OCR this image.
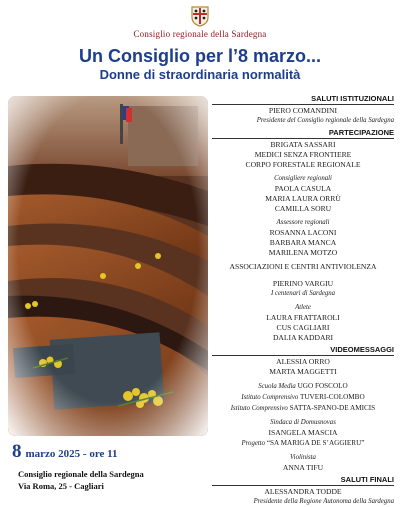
Consiglio regionale della Sardegna
Un Consiglio per l’8 marzo...
Donne di straordinaria normalità
SALUTI ISTITUZIONALI
PIERO COMANDINI
Presidente del Consiglio regionale della Sardegna
PARTECIPAZIONE
BRIGATA SASSARI
MEDICI SENZA FRONTIERE
CORPO FORESTALE REGIONALE
Consigliere regionali
PAOLA CASULA
MARIA LAURA ORRÙ
CAMILLA SORU
Assessore regionali
ROSANNA LACONI
BARBARA MANCA
MARILENA MOTZO
ASSOCIAZIONI E CENTRI ANTIVIOLENZA
PIERINO VARGIU
I centenari di Sardegna
Atlete
LAURA FRATTAROLI
CUS CAGLIARI
DALIA KADDARI
VIDEOMESSAGGI
ALESSIA ORRO
MARTA MAGGETTI
Scuola Media UGO FOSCOLO
Istituto Comprensivo TUVERI-COLOMBO
Istituto Comprensivo SATTA-SPANO-DE AMICIS
Sindaca di Domusnovas
ISANGELA MASCIA
Progetto “SA MARIGA DE S’AGGIERU”
Violinista
ANNA TIFU
SALUTI FINALI
ALESSANDRA TODDE
Presidente della Regione Autonoma della Sardegna
8 marzo 2025 - ore 11
Consiglio regionale della Sardegna
Via Roma, 25 - Cagliari
